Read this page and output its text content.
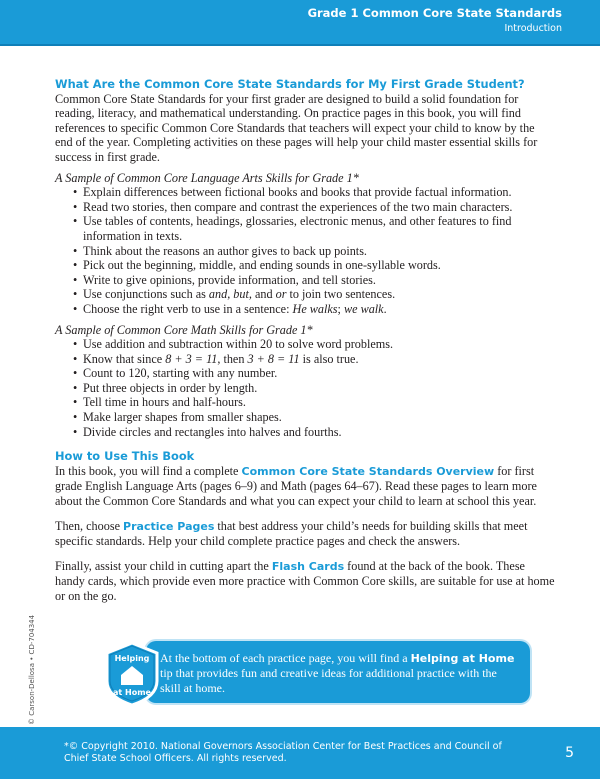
Grade 1 Common Core State Standards
Introduction
What Are the Common Core State Standards for My First Grade Student?

Common Core State Standards for your first grader are designed to build a solid foundation for reading, literacy, and mathematical understanding. On practice pages in this book, you will find references to specific Common Core Standards that teachers will expect your child to know by the end of the year. Completing activities on these pages will help your child master essential skills for success in first grade.

A Sample of Common Core Language Arts Skills for Grade 1*

• Explain differences between fictional books and books that provide factual information.
• Read two stories, then compare and contrast the experiences of the two main characters.
• Use tables of contents, headings, glossaries, electronic menus, and other features to find information in texts.
• Think about the reasons an author gives to back up points.
• Pick out the beginning, middle, and ending sounds in one-syllable words.
• Write to give opinions, provide information, and tell stories.
• Use conjunctions such as and, but, and or to join two sentences.
• Choose the right verb to use in a sentence: He walks; we walk.

A Sample of Common Core Math Skills for Grade 1*

• Use addition and subtraction within 20 to solve word problems.
• Know that since 8 + 3 = 11, then 3 + 8 = 11 is also true.
• Count to 120, starting with any number.
• Put three objects in order by length.
• Tell time in hours and half-hours.
• Make larger shapes from smaller shapes.
• Divide circles and rectangles into halves and fourths.
How to Use This Book

In this book, you will find a complete Common Core State Standards Overview for first grade English Language Arts (pages 6–9) and Math (pages 64–67). Read these pages to learn more about the Common Core Standards and what you can expect your child to learn at school this year.

Then, choose Practice Pages that best address your child’s needs for building skills that meet specific standards. Help your child complete practice pages and check the answers.

Finally, assist your child in cutting apart the Flash Cards found at the back of the book. These handy cards, which provide even more practice with Common Core skills, are suitable for use at home or on the go.

© Carson-Dellosa • CD-704344	At the bottom of each practice page, you will find a Helping at Home tip that provides fun and creative ideas for additional practice with the skill at home.

Helping
at Home
*© Copyright 2010. National Governors Association Center for Best Practices and Council of Chief State School Officers. All rights reserved.	5
